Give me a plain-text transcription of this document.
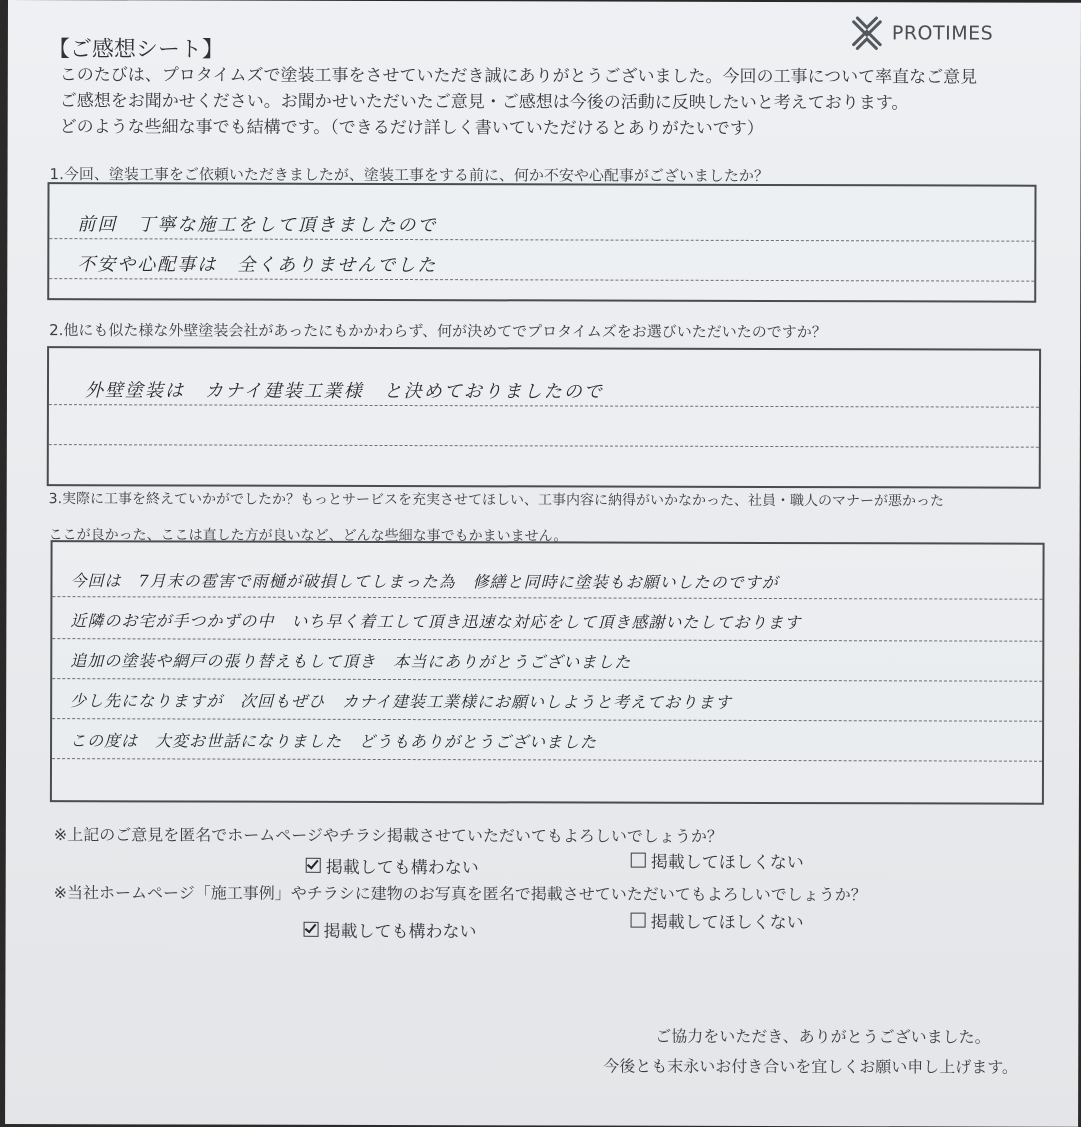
PROTIMES
【ご感想シート】
このたびは、プロタイムズで塗装工事をさせていただき誠にありがとうございました。今回の工事について率直なご意見
ご感想をお聞かせください。お聞かせいただいたご意見・ご感想は今後の活動に反映したいと考えております。
どのような些細な事でも結構です。（できるだけ詳しく書いていただけるとありがたいです）
1.今回、塗装工事をご依頼いただきましたが、塗装工事をする前に、何か不安や心配事がございましたか？
前回　丁寧な施工をして頂きましたので
不安や心配事は　全くありませんでした
2.他にも似た様な外壁塗装会社があったにもかかわらず、何が決めてでプロタイムズをお選びいただいたのですか？
外壁塗装は　カナイ建装工業様　と決めておりましたので
3.実際に工事を終えていかがでしたか？もっとサービスを充実させてほしい、工事内容に納得がいかなかった、社員・職人のマナーが悪かった
ここが良かった、ここは直した方が良いなど、どんな些細な事でもかまいません。
今回は　7月末の雹害で雨樋が破損してしまった為　修繕と同時に塗装もお願いしたのですが
近隣のお宅が手つかずの中　いち早く着工して頂き迅速な対応をして頂き感謝いたしております
追加の塗装や網戸の張り替えもして頂き　本当にありがとうございました
少し先になりますが　次回もぜひ　カナイ建装工業様にお願いしようと考えております
この度は　大変お世話になりました　どうもありがとうございました
※上記のご意見を匿名でホームページやチラシ掲載させていただいてもよろしいでしょうか？
掲載しても構わない	掲載してほしくない
※当社ホームページ「施工事例」やチラシに建物のお写真を匿名で掲載させていただいてもよろしいでしょうか？
掲載しても構わない	掲載してほしくない
ご協力をいただき、ありがとうございました。
今後とも末永いお付き合いを宜しくお願い申し上げます。
